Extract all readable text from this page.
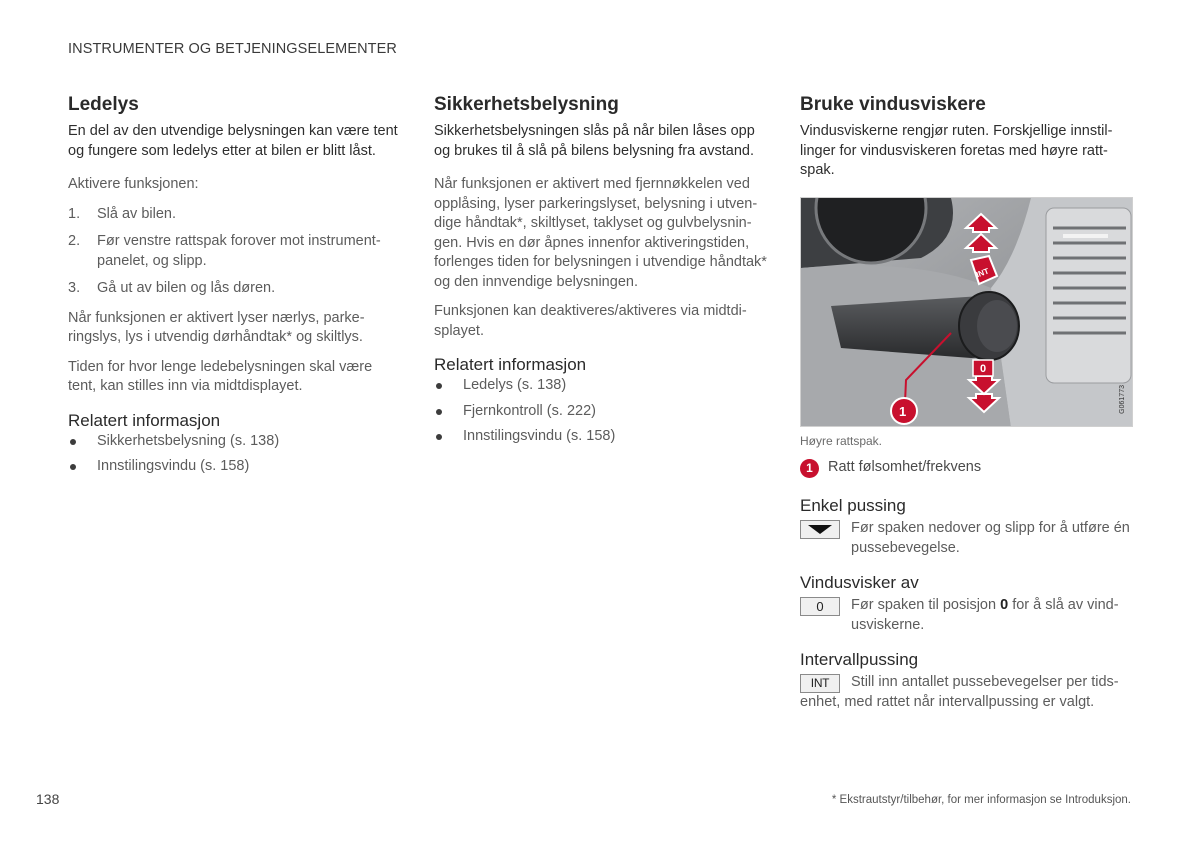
INSTRUMENTER OG BETJENINGSELEMENTER
Ledelys

En del av den utvendige belysningen kan være tent og fungere som ledelys etter at bilen er blitt låst.

Aktivere funksjonen:

1. Slå av bilen.
2. Før venstre rattspak forover mot instrumentpanelet, og slipp.
3. Gå ut av bilen og lås døren.

Når funksjonen er aktivert lyser nærlys, parkeringslys, lys i utvendig dørhåndtak* og skiltlys.

Tiden for hvor lenge ledebelysningen skal være tent, kan stilles inn via midtdisplayet.

Relatert informasjon
Sikkerhetsbelysning (s. 138)
Innstilingsvindu (s. 158)
Sikkerhetsbelysning

Sikkerhetsbelysningen slås på når bilen låses opp og brukes til å slå på bilens belysning fra avstand.

Når funksjonen er aktivert med fjernnøkkelen ved opplåsing, lyser parkeringslyset, belysning i utvendige håndtak*, skiltlyset, taklyset og gulvbelysningen. Hvis en dør åpnes innenfor aktiveringstiden, forlenges tiden for belysningen i utvendige håndtak* og den innvendige belysningen.

Funksjonen kan deaktiveres/aktiveres via midtdisplayet.

Relatert informasjon
Ledelys (s. 138)
Fjernkontroll (s. 222)
Innstilingsvindu (s. 158)
Bruke vindusviskere

Vindusviskerne rengjør ruten. Forskjellige innstillinger for vindusviskeren foretas med høyre rattspak.

INT
0
1	G061773
Høyre rattspak.
1	Ratt følsomhet/frekvens
Enkel pussing
Før spaken nedover og slipp for å utføre én pussebevegelse.
Vindusvisker av
0	Før spaken til posisjon 0 for å slå av vindusviskerne.
Intervallpussing
INT	Still inn antallet pussebevegelser per tidsenhet, med rattet når intervallpussing er valgt.
138	* Ekstrautstyr/tilbehør, for mer informasjon se Introduksjon.
